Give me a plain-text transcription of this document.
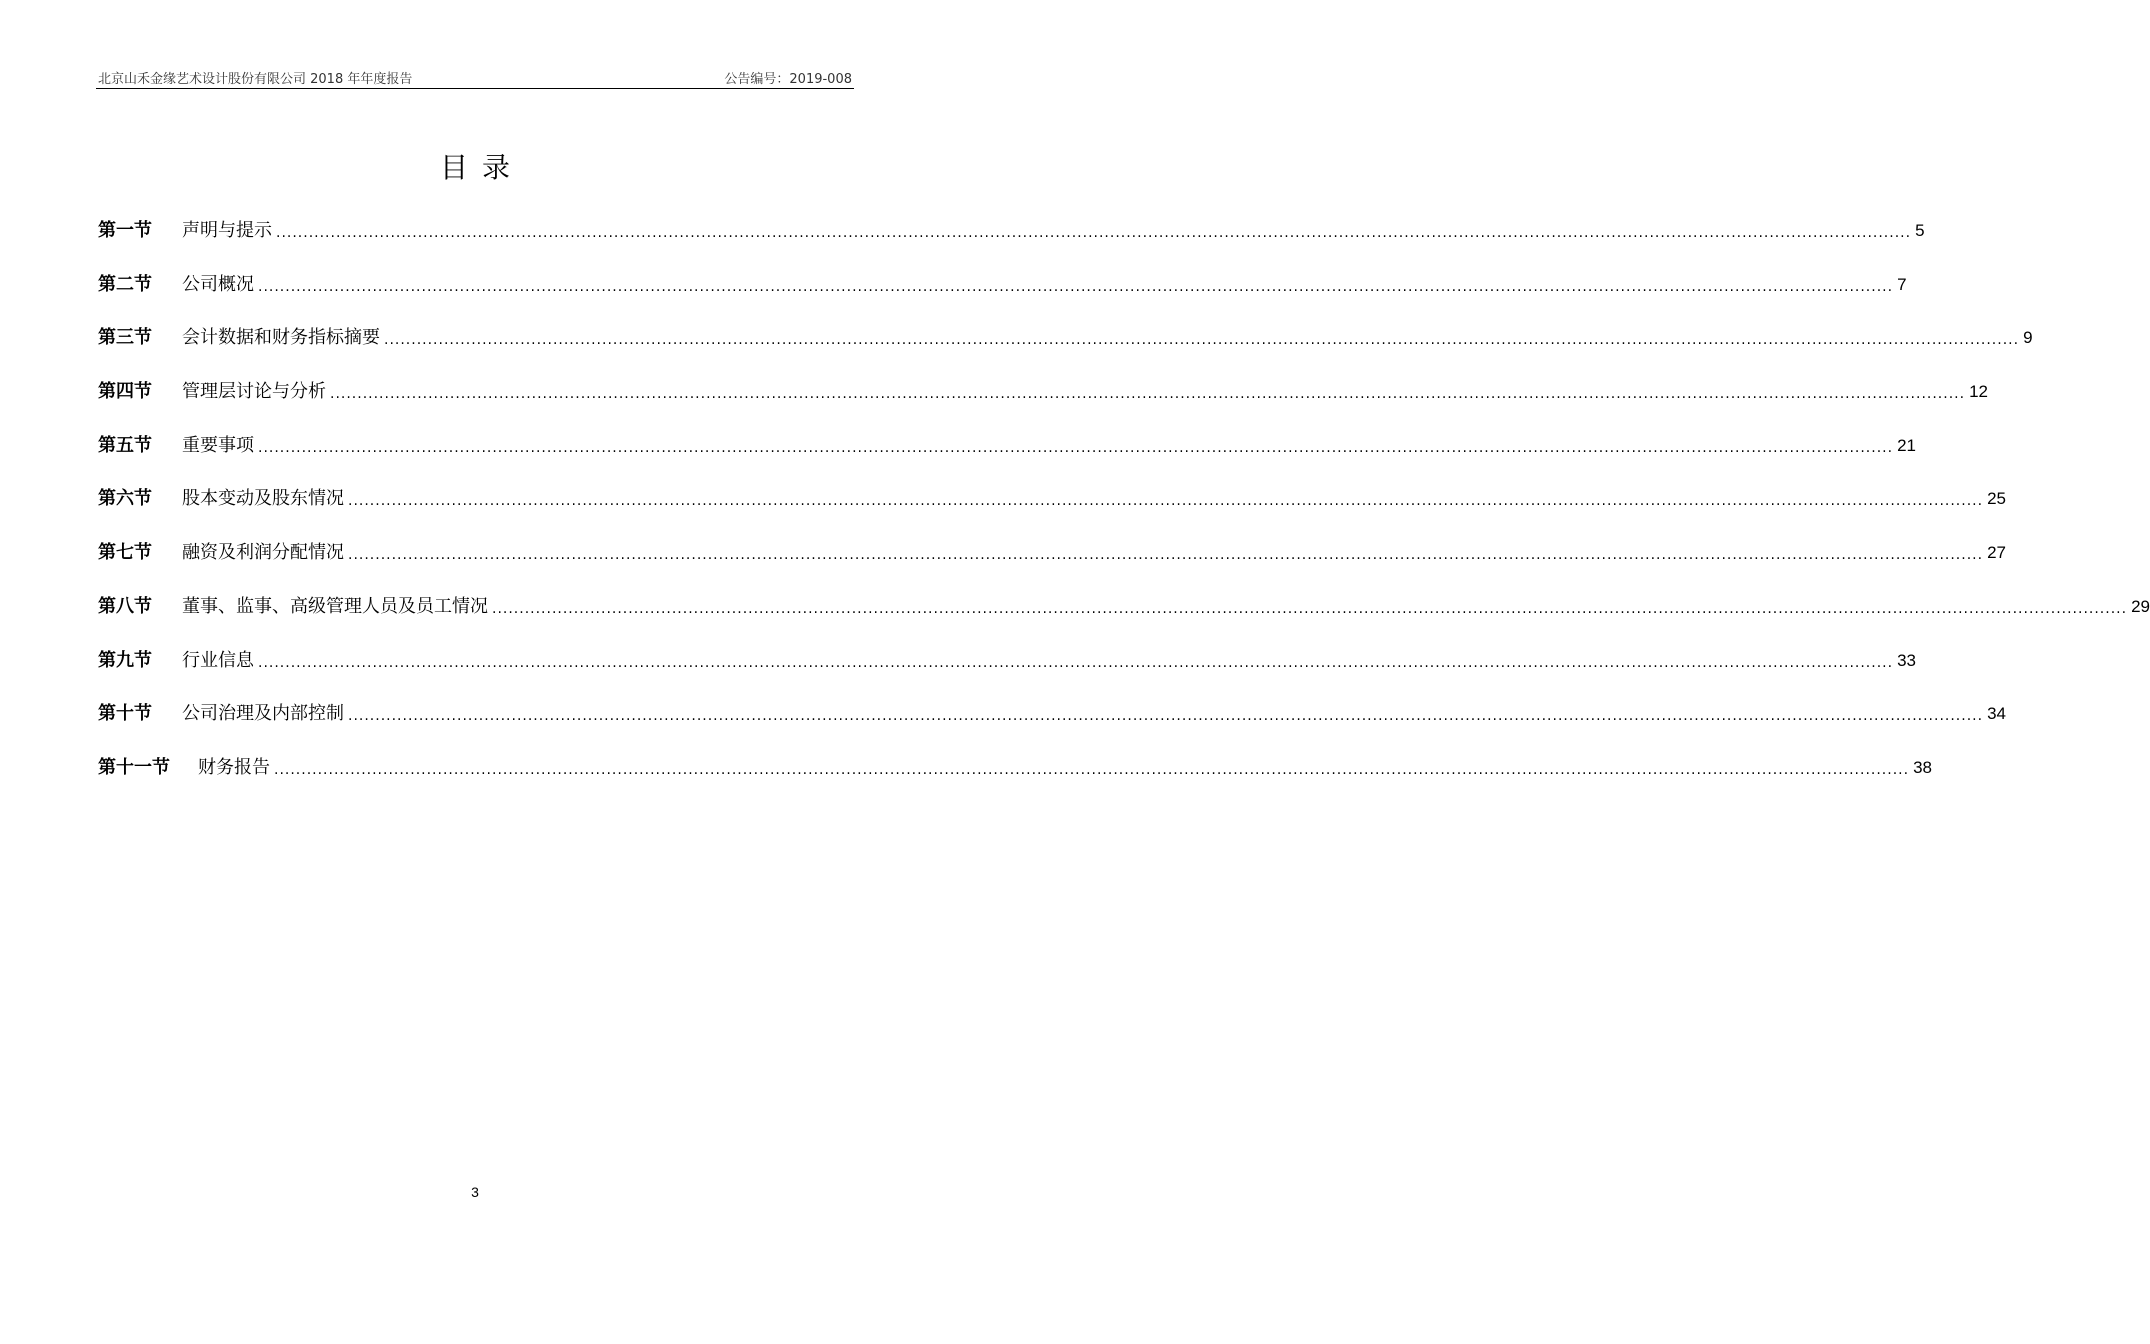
北京山禾金缘艺术设计股份有限公司 2018 年年度报告	公告编号：2019-008
目录
第一节	声明与提示 ............................................................................................................................................................................................................................................................................................................ 5
第二节	公司概况 ............................................................................................................................................................................................................................................................................................................ 7
第三节	会计数据和财务指标摘要 ............................................................................................................................................................................................................................................................................................................ 9
第四节	管理层讨论与分析 ............................................................................................................................................................................................................................................................................................................ 12
第五节	重要事项 ............................................................................................................................................................................................................................................................................................................ 21
第六节	股本变动及股东情况 ............................................................................................................................................................................................................................................................................................................ 25
第七节	融资及利润分配情况 ............................................................................................................................................................................................................................................................................................................ 27
第八节	董事、监事、高级管理人员及员工情况 ............................................................................................................................................................................................................................................................................................................ 29
第九节	行业信息 ............................................................................................................................................................................................................................................................................................................ 33
第十节	公司治理及内部控制 ............................................................................................................................................................................................................................................................................................................ 34
第十一节	财务报告 ............................................................................................................................................................................................................................................................................................................ 38
3
